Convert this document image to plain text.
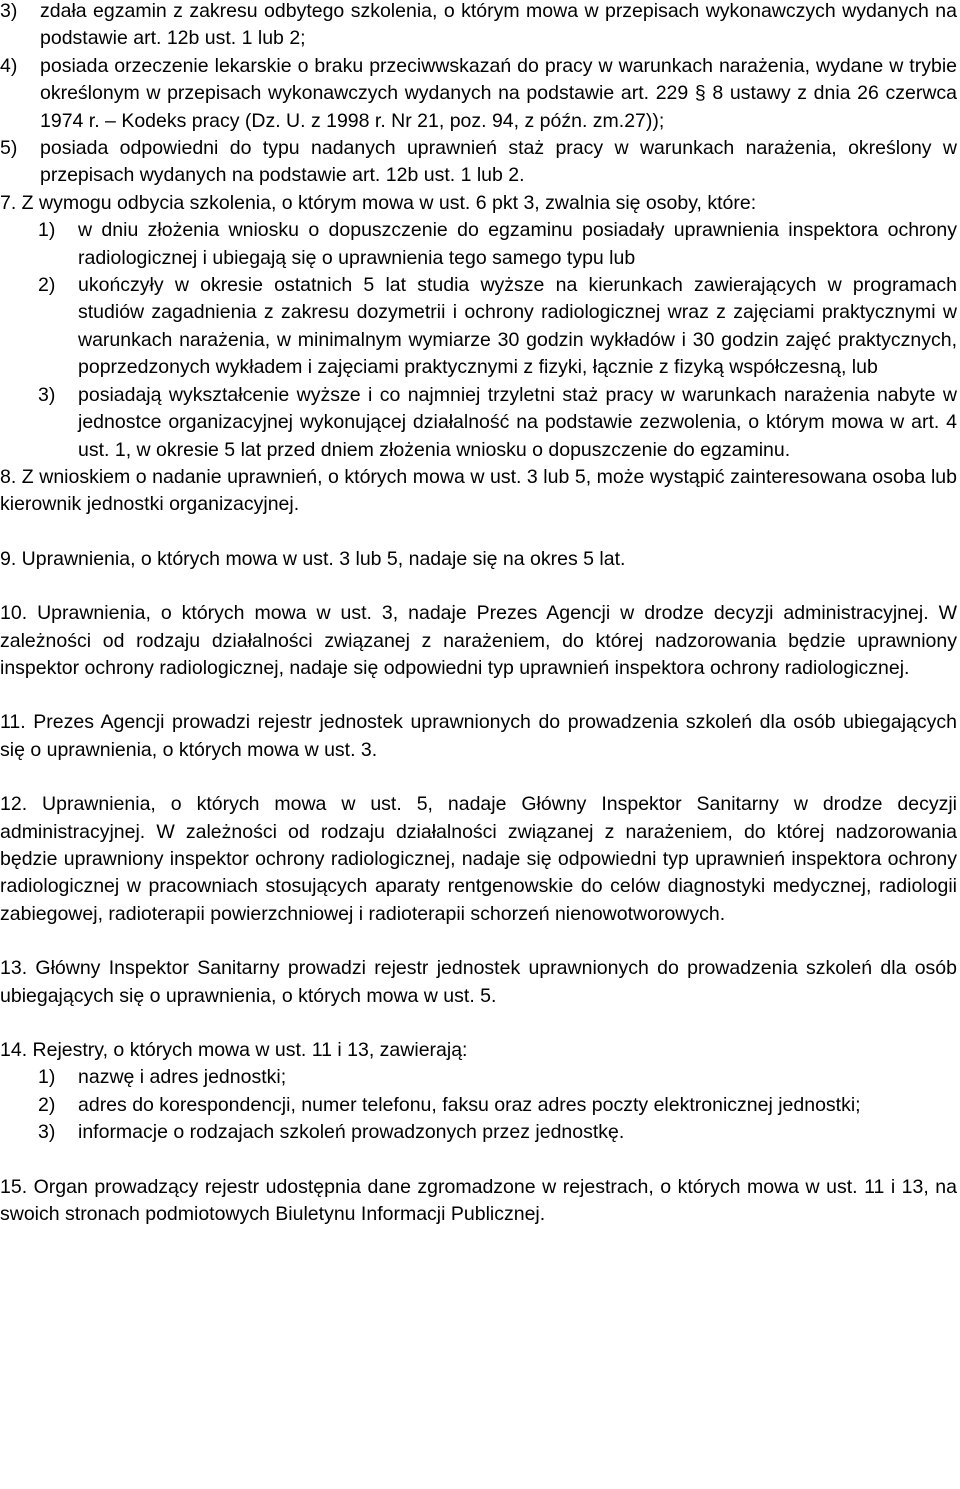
3)	zdała egzamin z zakresu odbytego szkolenia, o którym mowa w przepisach wykonawczych wydanych na podstawie art. 12b ust. 1 lub 2;
4)	posiada orzeczenie lekarskie o braku przeciwwskazań do pracy w warunkach narażenia, wydane w trybie określonym w przepisach wykonawczych wydanych na podstawie art. 229 § 8 ustawy z dnia 26 czerwca 1974 r. – Kodeks pracy (Dz. U. z 1998 r. Nr 21, poz. 94, z późn. zm.27));
5)	posiada odpowiedni do typu nadanych uprawnień staż pracy w warunkach narażenia, określony w przepisach wydanych na podstawie art. 12b ust. 1 lub 2.

7. Z wymogu odbycia szkolenia, o którym mowa w ust. 6 pkt 3, zwalnia się osoby, które:

1)	w dniu złożenia wniosku o dopuszczenie do egzaminu posiadały uprawnienia inspektora ochrony radiologicznej i ubiegają się o uprawnienia tego samego typu lub
2)	ukończyły w okresie ostatnich 5 lat studia wyższe na kierunkach zawierających w programach studiów zagadnienia z zakresu dozymetrii i ochrony radiologicznej wraz z zajęciami praktycznymi w warunkach narażenia, w minimalnym wymiarze 30 godzin wykładów i 30 godzin zajęć praktycznych, poprzedzonych wykładem i zajęciami praktycznymi z fizyki, łącznie z fizyką współczesną, lub
3)	posiadają wykształcenie wyższe i co najmniej trzyletni staż pracy w warunkach narażenia nabyte w jednostce organizacyjnej wykonującej działalność na podstawie zezwolenia, o którym mowa w art. 4 ust. 1, w okresie 5 lat przed dniem złożenia wniosku o dopuszczenie do egzaminu.

8. Z wnioskiem o nadanie uprawnień, o których mowa w ust. 3 lub 5, może wystąpić zainteresowana osoba lub kierownik jednostki organizacyjnej.

9. Uprawnienia, o których mowa w ust. 3 lub 5, nadaje się na okres 5 lat.

10. Uprawnienia, o których mowa w ust. 3, nadaje Prezes Agencji w drodze decyzji administracyjnej. W zależności od rodzaju działalności związanej z narażeniem, do której nadzorowania będzie uprawniony inspektor ochrony radiologicznej, nadaje się odpowiedni typ uprawnień inspektora ochrony radiologicznej.

11. Prezes Agencji prowadzi rejestr jednostek uprawnionych do prowadzenia szkoleń dla osób ubiegających się o uprawnienia, o których mowa w ust. 3.

12. Uprawnienia, o których mowa w ust. 5, nadaje Główny Inspektor Sanitarny w drodze decyzji administracyjnej. W zależności od rodzaju działalności związanej z narażeniem, do której nadzorowania będzie uprawniony inspektor ochrony radiologicznej, nadaje się odpowiedni typ uprawnień inspektora ochrony radiologicznej w pracowniach stosujących aparaty rentgenowskie do celów diagnostyki medycznej, radiologii zabiegowej, radioterapii powierzchniowej i radioterapii schorzeń nienowotworowych.

13. Główny Inspektor Sanitarny prowadzi rejestr jednostek uprawnionych do prowadzenia szkoleń dla osób ubiegających się o uprawnienia, o których mowa w ust. 5.

14. Rejestry, o których mowa w ust. 11 i 13, zawierają:

1)	nazwę i adres jednostki;
2)	adres do korespondencji, numer telefonu, faksu oraz adres poczty elektronicznej jednostki;
3)	informacje o rodzajach szkoleń prowadzonych przez jednostkę.

15. Organ prowadzący rejestr udostępnia dane zgromadzone w rejestrach, o których mowa w ust. 11 i 13, na swoich stronach podmiotowych Biuletynu Informacji Publicznej.
